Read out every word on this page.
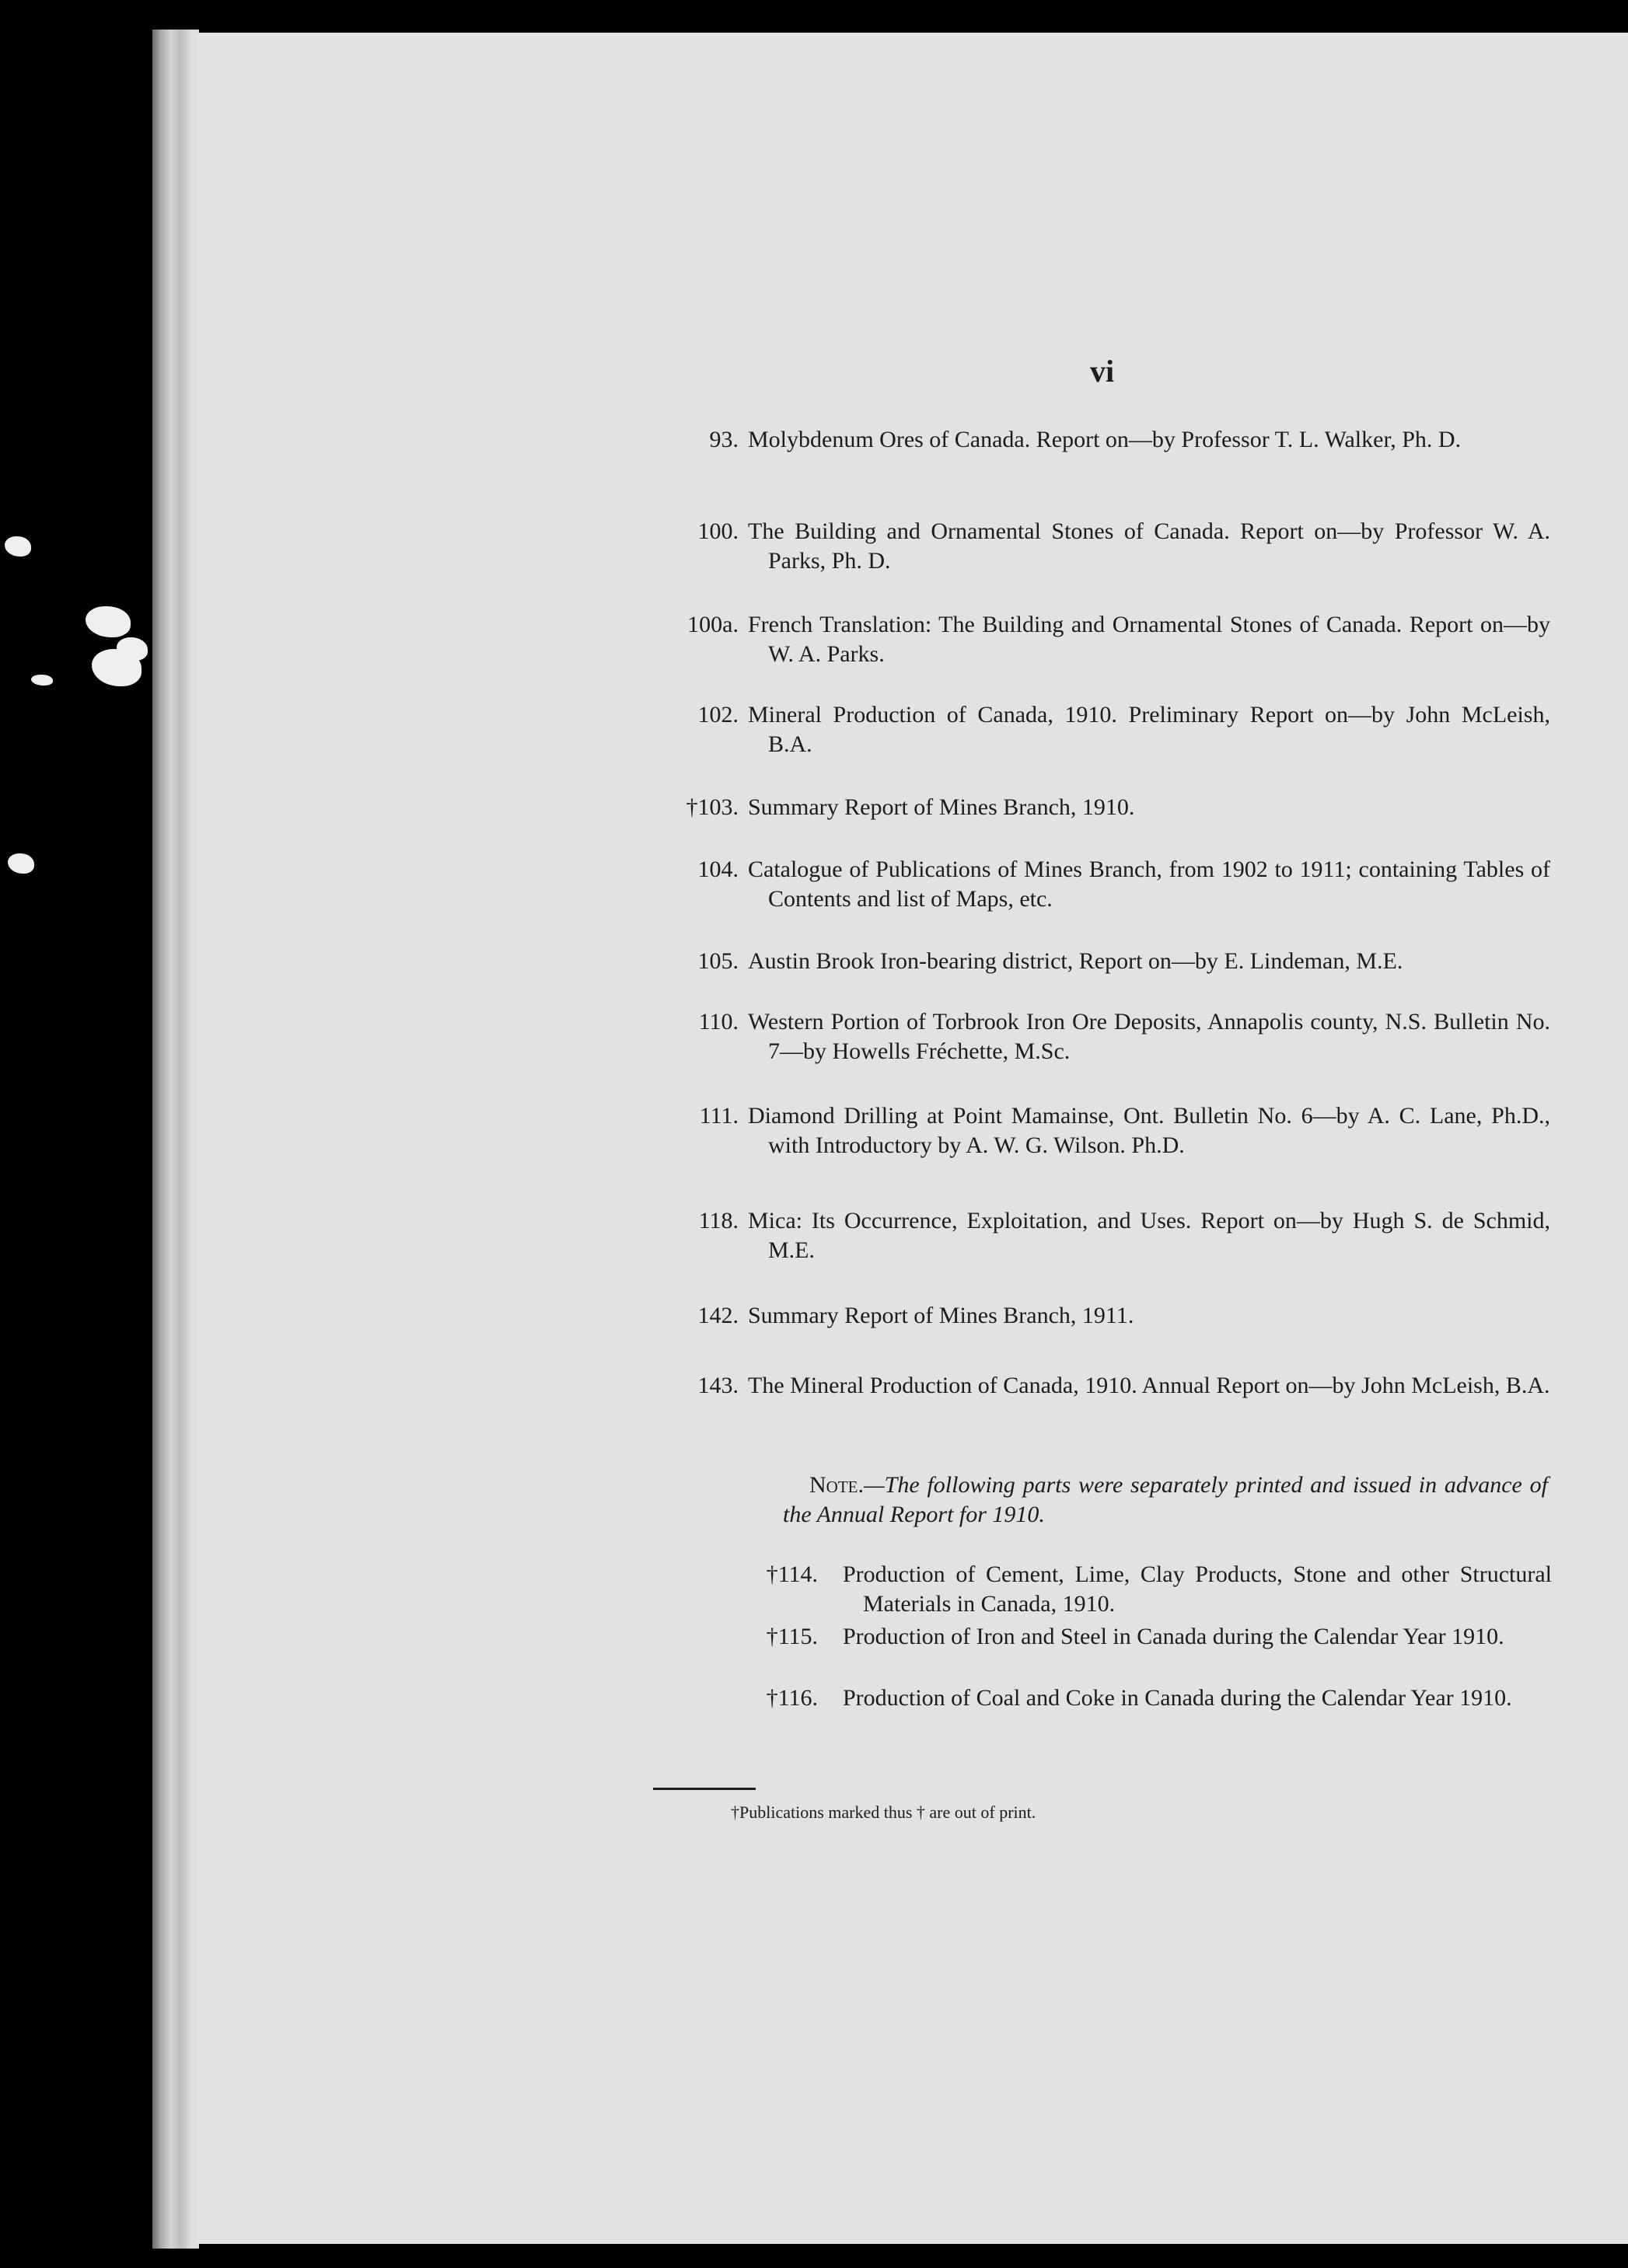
vi
93. Molybdenum Ores of Canada. Report on—by Professor T. L. Walker, Ph. D.
100. The Building and Ornamental Stones of Canada. Report on—by Professor W. A. Parks, Ph. D.
100a. French Translation: The Building and Ornamental Stones of Canada. Report on—by W. A. Parks.
102. Mineral Production of Canada, 1910. Preliminary Report on—by John McLeish, B.A.
†103. Summary Report of Mines Branch, 1910.
104. Catalogue of Publications of Mines Branch, from 1902 to 1911; containing Tables of Contents and list of Maps, etc.
105. Austin Brook Iron-bearing district, Report on—by E. Lindeman, M.E.
110. Western Portion of Torbrook Iron Ore Deposits, Annapolis county, N.S. Bulletin No. 7—by Howells Fréchette, M.Sc.
111. Diamond Drilling at Point Mamainse, Ont. Bulletin No. 6—by A. C. Lane, Ph.D., with Introductory by A. W. G. Wilson. Ph.D.
118. Mica: Its Occurrence, Exploitation, and Uses. Report on—by Hugh S. de Schmid, M.E.
142. Summary Report of Mines Branch, 1911.
143. The Mineral Production of Canada, 1910. Annual Report on—by John McLeish, B.A.
Note.—The following parts were separately printed and issued in advance of the Annual Report for 1910.
†114. Production of Cement, Lime, Clay Products, Stone and other Structural Materials in Canada, 1910.
†115. Production of Iron and Steel in Canada during the Calendar Year 1910.
†116. Production of Coal and Coke in Canada during the Calendar Year 1910.
†Publications marked thus † are out of print.
